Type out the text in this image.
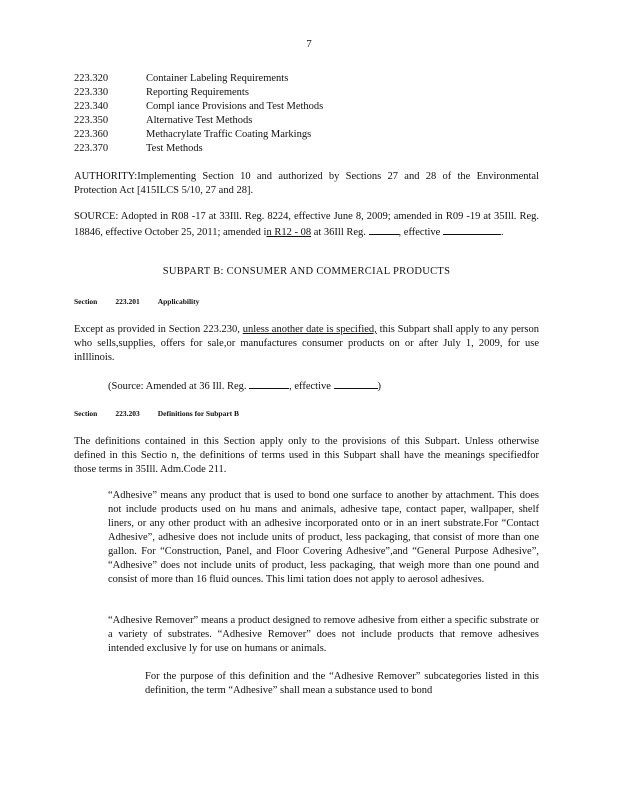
7
223.320	Container Labeling Requirements
223.330	Reporting Requirements
223.340	Compl iance Provisions and Test Methods
223.350	Alternative Test Methods
223.360	Methacrylate Traffic Coating Markings
223.370	Test Methods
AUTHORITY:Implementing Section 10 and authorized by Sections 27 and 28 of the Environmental Protection Act [415ILCS 5/10, 27 and 28].
SOURCE: Adopted in R08 -17 at 33Ill. Reg. 8224, effective June 8, 2009; amended in R09 -19 at 35Ill. Reg. 18846, effective October 25, 2011; amended in R12 - 08 at 36Ill Reg.	, effective	.
SUBPART B: CONSUMER AND COMMERCIAL PRODUCTS
Section 223.201 Applicability
Except as provided in Section 223.230, unless another date is specified, this Subpart shall apply to any person who sells,supplies, offers for sale,or manufactures consumer products on or after July 1, 2009, for use inIllinois.
(Source: Amended at 36 Ill. Reg.	, effective	)
Section 223.203 Definitions for Subpart B
The definitions contained in this Section apply only to the provisions of this Subpart. Unless otherwise defined in this Sectio n, the definitions of terms used in this Subpart shall have the meanings specifiedfor those terms in 35Ill. Adm.Code 211.
“Adhesive” means any product that is used to bond one surface to another by attachment. This does not include products used on hu mans and animals, adhesive tape, contact paper, wallpaper, shelf liners, or any other product with an adhesive incorporated onto or in an inert substrate.For “Contact Adhesive”, adhesive does not include units of product, less packaging, that consist of more than one gallon. For “Construction, Panel, and Floor Covering Adhesive”,and “General Purpose Adhesive”, “Adhesive” does not include units of product, less packaging, that weigh more than one pound and consist of more than 16 fluid ounces. This limi tation does not apply to aerosol adhesives.
“Adhesive Remover” means a product designed to remove adhesive from either a specific substrate or a variety of substrates. “Adhesive Remover” does not include products that remove adhesives intended exclusive ly for use on humans or animals.
For the purpose of this definition and the “Adhesive Remover” subcategories listed in this definition, the term “Adhesive” shall mean a substance used to bond
